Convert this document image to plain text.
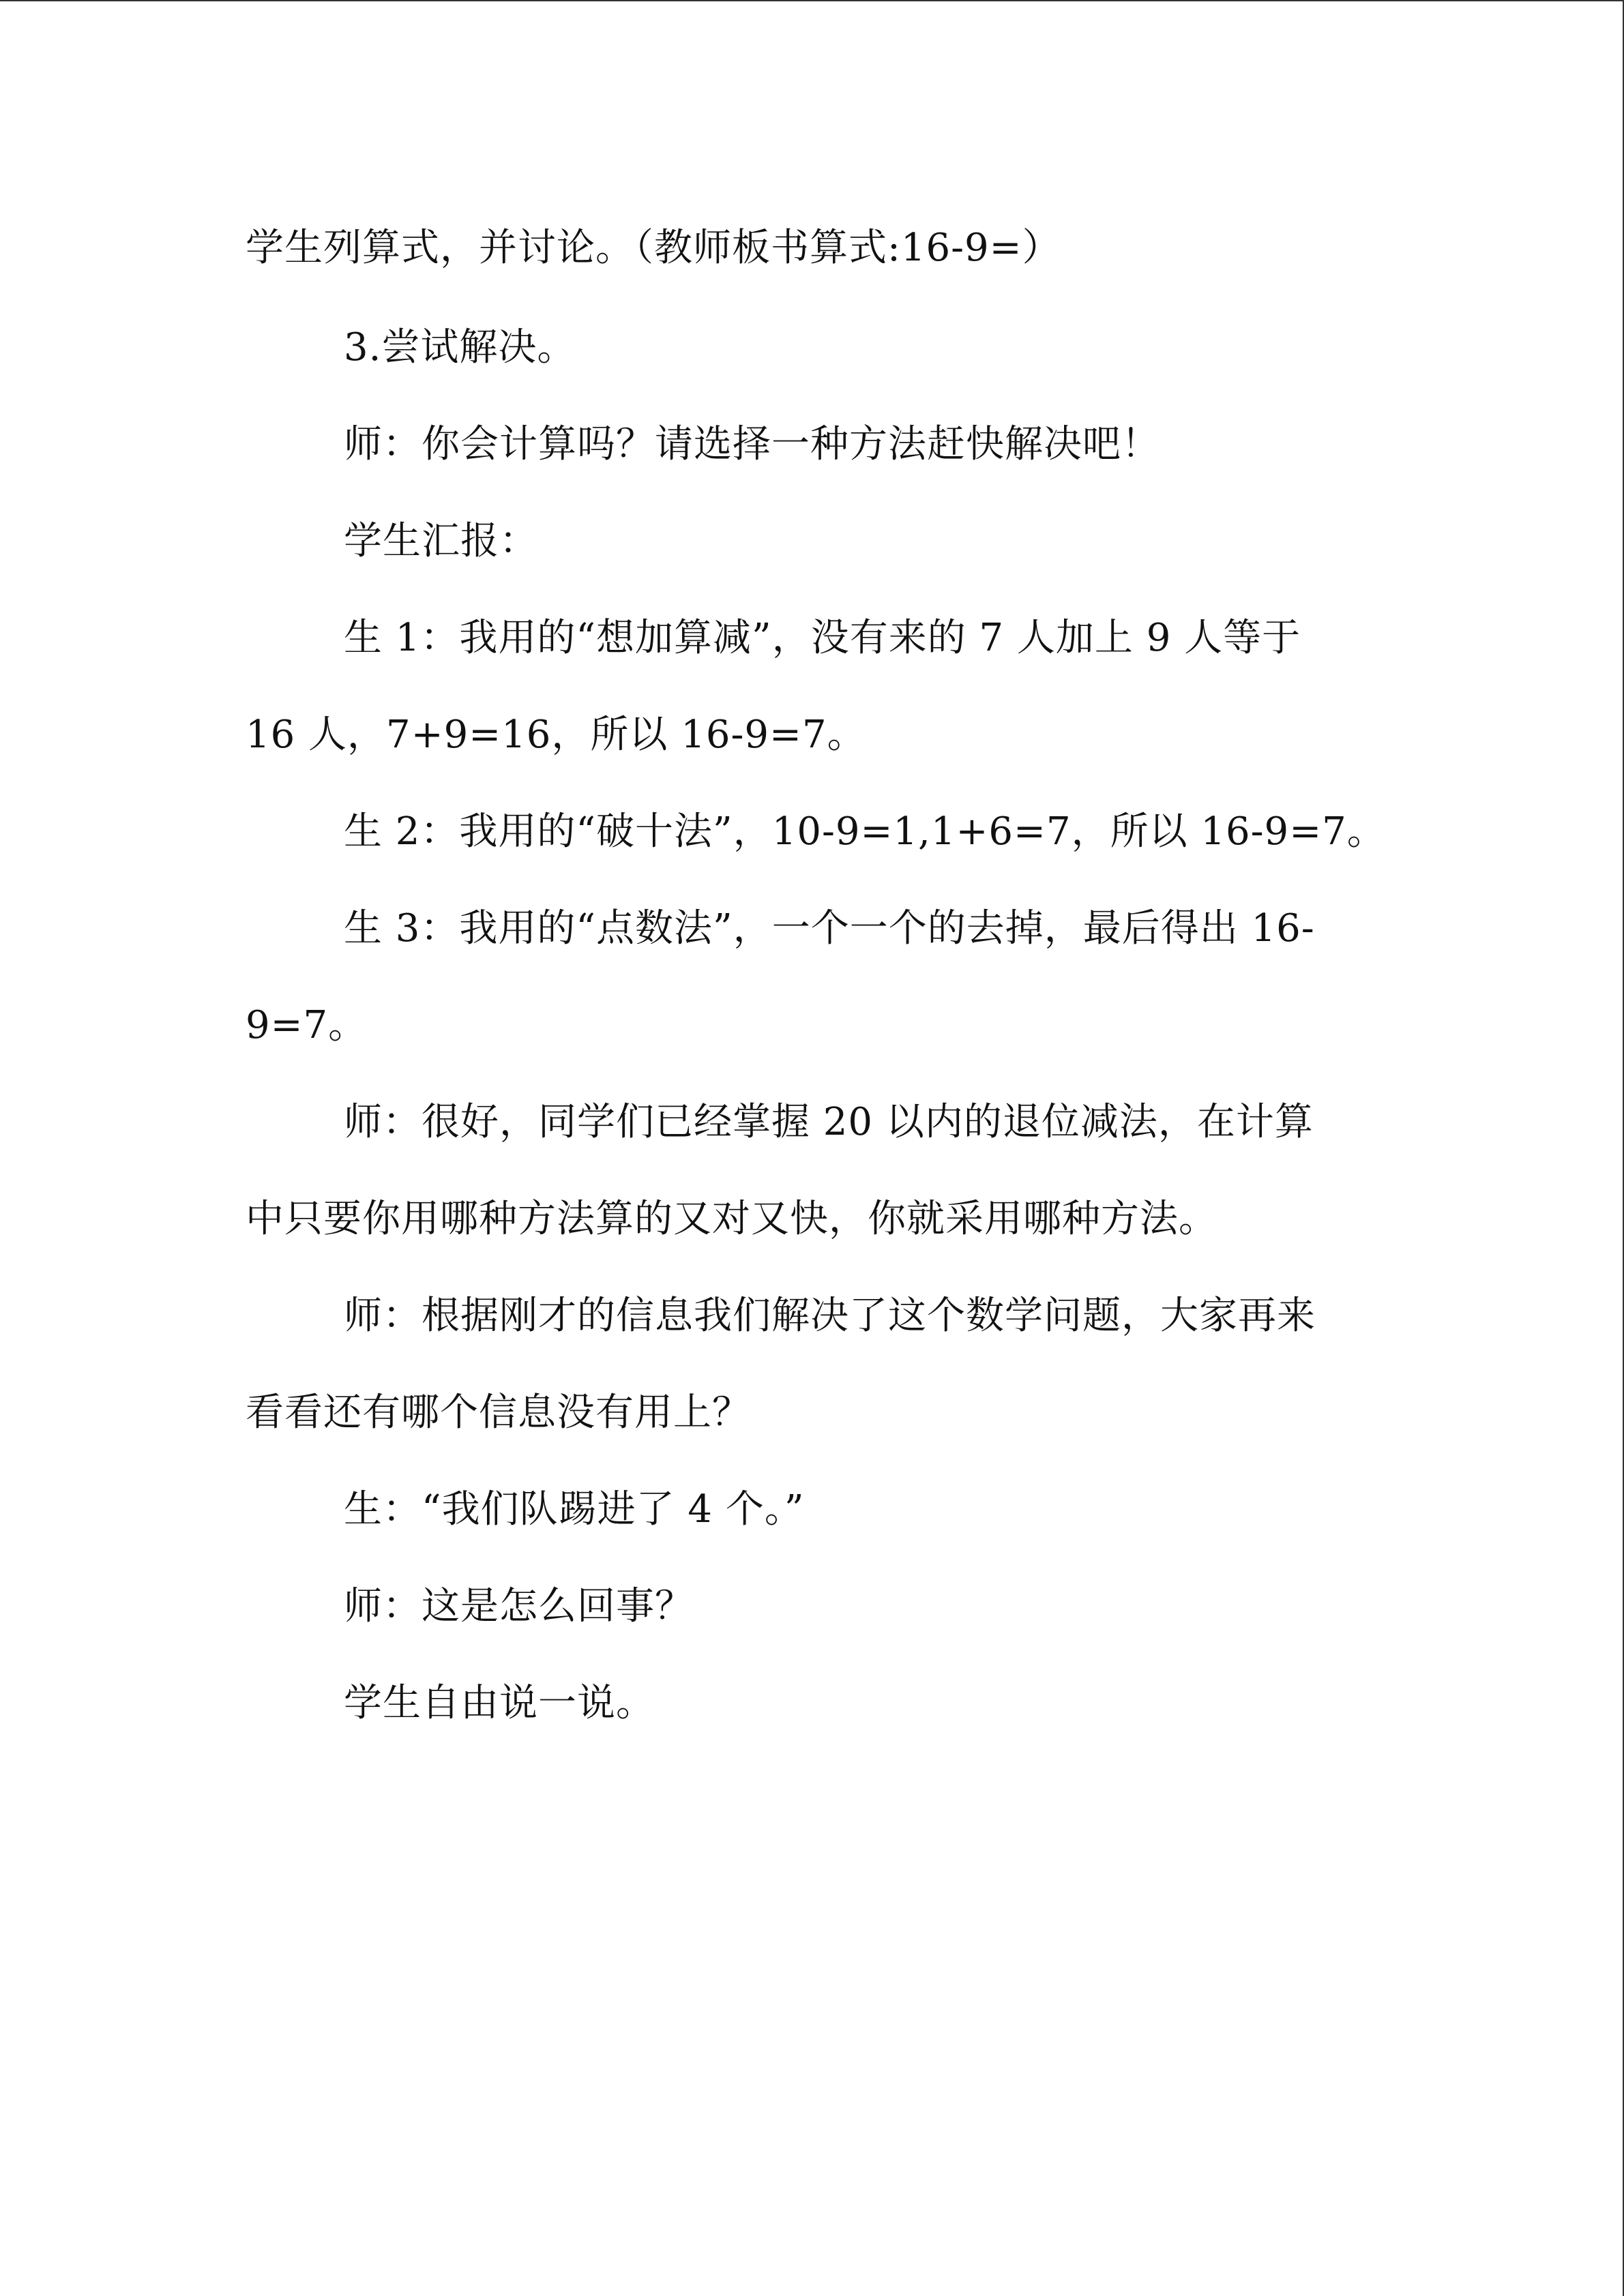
学生列算式，并讨论。（教师板书算式:16-9=）
3.尝试解决。
师：你会计算吗？请选择一种方法赶快解决吧！
学生汇报：
生 1：我用的“想加算减”，没有来的 7 人加上 9 人等于
16 人，7+9=16，所以 16-9=7。
生 2：我用的“破十法”，10-9=1,1+6=7，所以 16-9=7。
生 3：我用的“点数法”，一个一个的去掉，最后得出 16-
9=7。
师：很好，同学们已经掌握 20 以内的退位减法，在计算
中只要你用哪种方法算的又对又快，你就采用哪种方法。
师：根据刚才的信息我们解决了这个数学问题，大家再来
看看还有哪个信息没有用上？
生：“我们队踢进了 4 个。”
师：这是怎么回事？
学生自由说一说。
